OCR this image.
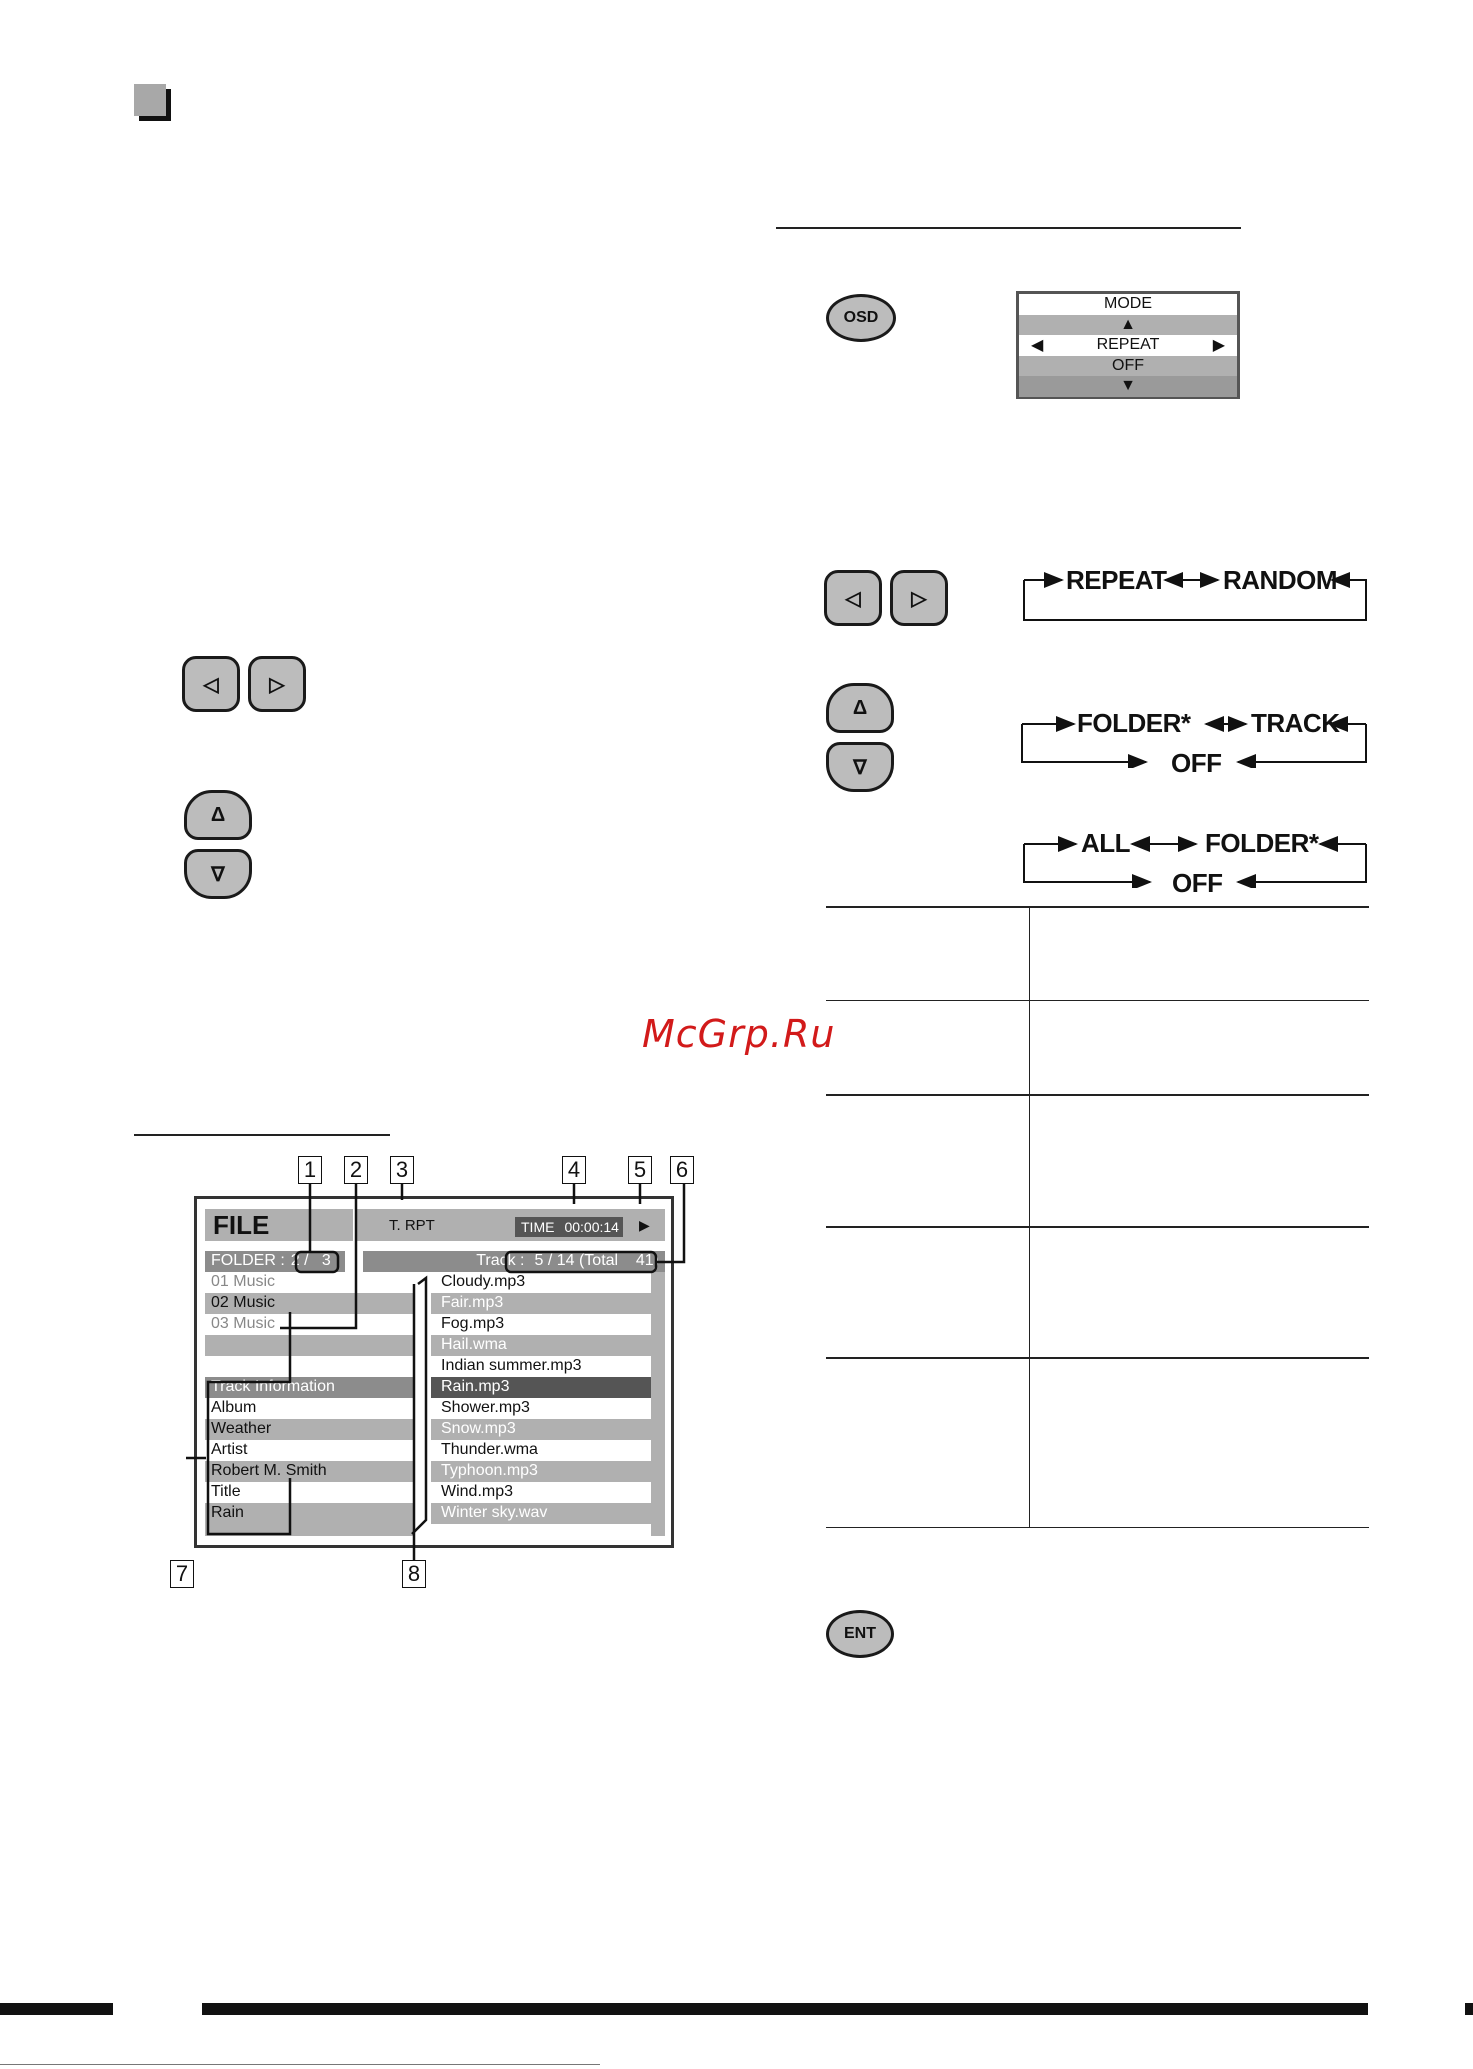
OSD
MODE
▲
◀	REPEAT	▶
OFF
▼
◁	▷
REPEAT RANDOM
Δ
∇
FOLDER* TRACK
OFF
ALL	FOLDER*
OFF
ENT
McGrp.Ru
◁	▷
Δ
∇
1 2 3	4 5 6
7	8
FILE	T. RPT	TIME 00:00:14	▶
FOLDER : 2 /   3	Track : 5 / 14 (Total    41)
01 Music
02 Music
03 Music
Track Information
Album
Weather
Artist
Robert M. Smith
Title
Rain
Cloudy.mp3
Fair.mp3
Fog.mp3
Hail.wma
Indian summer.mp3
Rain.mp3
Shower.mp3
Snow.mp3
Thunder.wma
Typhoon.mp3
Wind.mp3
Winter sky.wav
